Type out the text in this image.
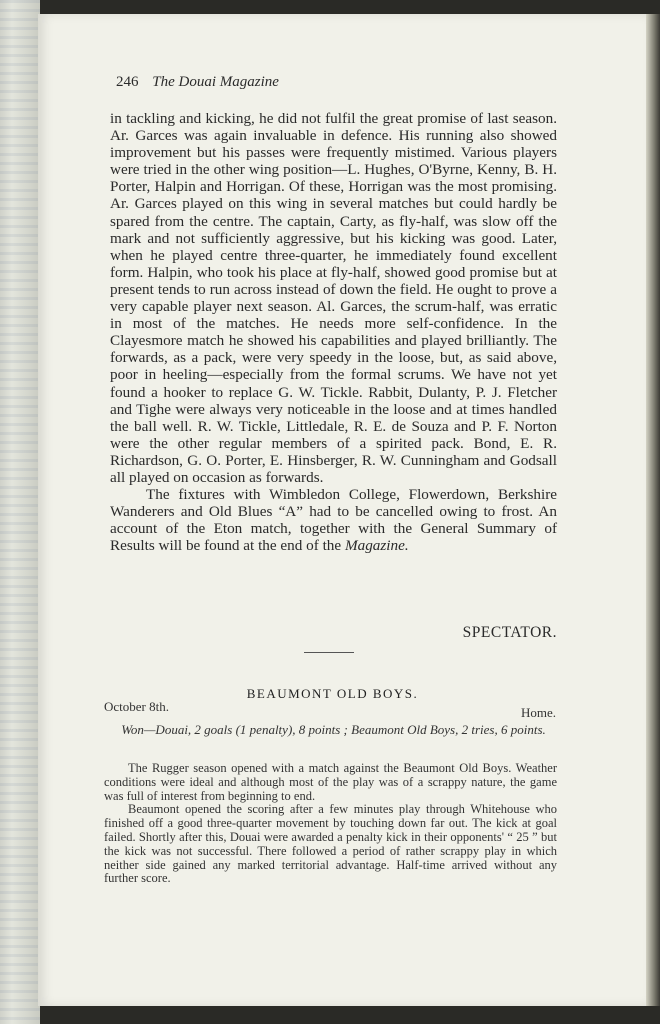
246 The Douai Magazine

in tackling and kicking, he did not fulfil the great promise of last season. Ar. Garces was again invaluable in defence. His running also showed improvement but his passes were frequently mistimed. Various players were tried in the other wing position—L. Hughes, O'Byrne, Kenny, B. H. Porter, Halpin and Horrigan. Of these, Horrigan was the most promising. Ar. Garces played on this wing in several matches but could hardly be spared from the centre. The captain, Carty, as fly-half, was slow off the mark and not sufficiently aggressive, but his kicking was good. Later, when he played centre three-quarter, he immediately found excellent form. Halpin, who took his place at fly-half, showed good promise but at present tends to run across instead of down the field. He ought to prove a very capable player next season. Al. Garces, the scrum-half, was erratic in most of the matches. He needs more self-confidence. In the Clayesmore match he showed his capabilities and played brilliantly. The forwards, as a pack, were very speedy in the loose, but, as said above, poor in heeling—especially from the formal scrums. We have not yet found a hooker to replace G. W. Tickle. Rabbit, Dulanty, P. J. Fletcher and Tighe were always very noticeable in the loose and at times handled the ball well. R. W. Tickle, Littledale, R. E. de Souza and P. F. Norton were the other regular members of a spirited pack. Bond, E. R. Richardson, G. O. Porter, E. Hinsberger, R. W. Cunningham and Godsall all played on occasion as forwards.

The fixtures with Wimbledon College, Flowerdown, Berkshire Wanderers and Old Blues “A” had to be cancelled owing to frost. An account of the Eton match, together with the General Summary of Results will be found at the end of the Magazine.

SPECTATOR.
BEAUMONT OLD BOYS.
October 8th.	Home.
Won—Douai, 2 goals (1 penalty), 8 points ; Beaumont Old Boys, 2 tries, 6 points.

The Rugger season opened with a match against the Beaumont Old Boys. Weather conditions were ideal and although most of the play was of a scrappy nature, the game was full of interest from beginning to end.

Beaumont opened the scoring after a few minutes play through Whitehouse who finished off a good three-quarter movement by touching down far out. The kick at goal failed. Shortly after this, Douai were awarded a penalty kick in their opponents' “ 25 ” but the kick was not successful. There followed a period of rather scrappy play in which neither side gained any marked territorial advantage. Half-time arrived without any further score.
